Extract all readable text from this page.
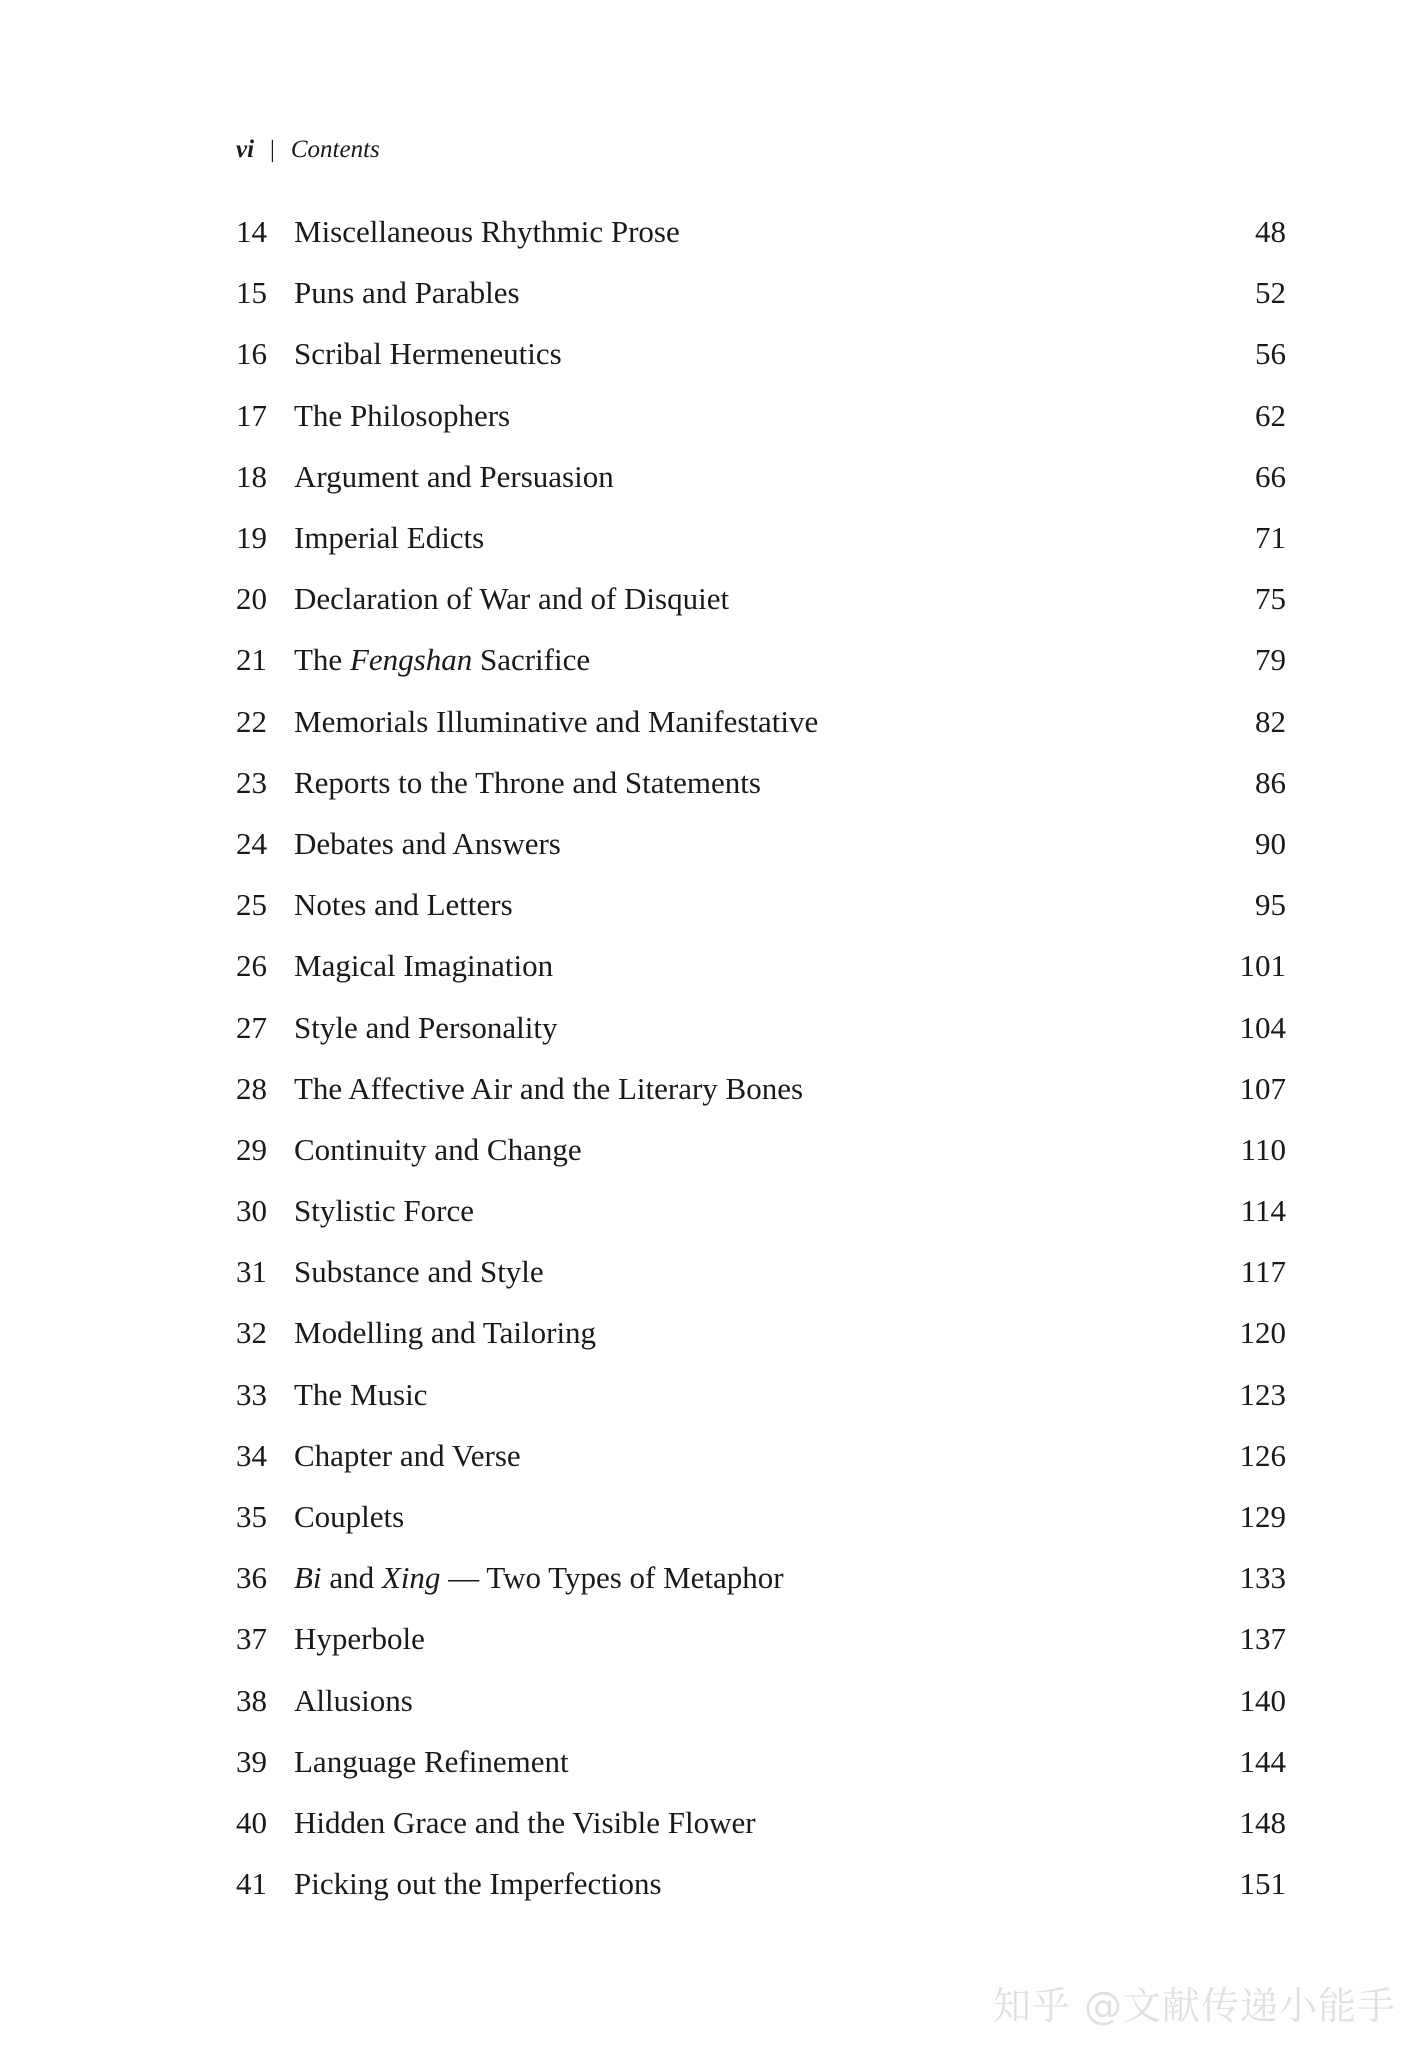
vi | Contents
14 Miscellaneous Rhythmic Prose	48
15 Puns and Parables	52
16 Scribal Hermeneutics	56
17 The Philosophers	62
18 Argument and Persuasion	66
19 Imperial Edicts	71
20 Declaration of War and of Disquiet	75
21 The Fengshan Sacrifice	79
22 Memorials Illuminative and Manifestative	82
23 Reports to the Throne and Statements	86
24 Debates and Answers	90
25 Notes and Letters	95
26 Magical Imagination	101
27 Style and Personality	104
28 The Affective Air and the Literary Bones	107
29 Continuity and Change	110
30 Stylistic Force	114
31 Substance and Style	117
32 Modelling and Tailoring	120
33 The Music	123
34 Chapter and Verse	126
35 Couplets	129
36 Bi and Xing — Two Types of Metaphor	133
37 Hyperbole	137
38 Allusions	140
39 Language Refinement	144
40 Hidden Grace and the Visible Flower	148
41 Picking out the Imperfections	151
知乎 @文献传递小能手
